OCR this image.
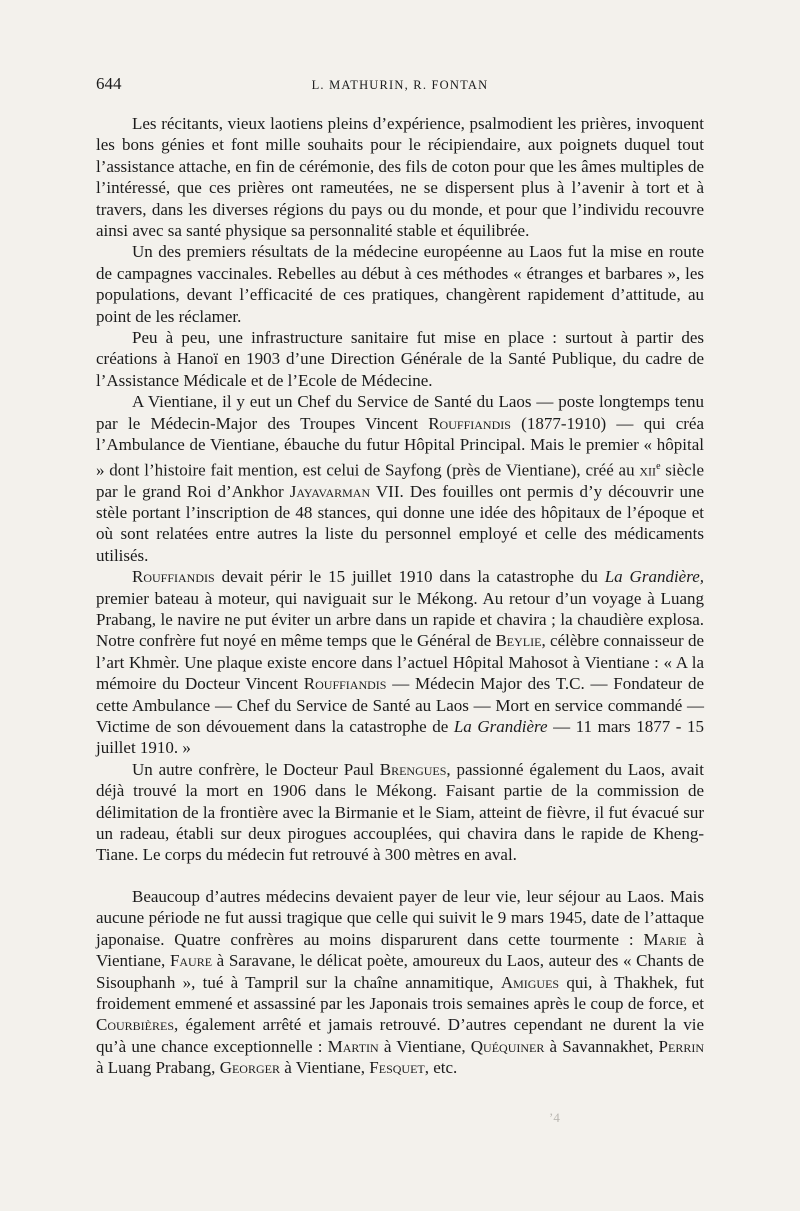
644	L. MATHURIN, R. FONTAN

Les récitants, vieux laotiens pleins d’expérience, psalmodient les prières, invoquent les bons génies et font mille souhaits pour le récipiendaire, aux poignets duquel tout l’assistance attache, en fin de cérémonie, des fils de coton pour que les âmes multiples de l’intéressé, que ces prières ont rameutées, ne se dispersent plus à l’avenir à tort et à travers, dans les diverses régions du pays ou du monde, et pour que l’individu recouvre ainsi avec sa santé physique sa personnalité stable et équilibrée.

Un des premiers résultats de la médecine européenne au Laos fut la mise en route de campagnes vaccinales. Rebelles au début à ces méthodes « étranges et barbares », les populations, devant l’efficacité de ces pratiques, changèrent rapidement d’attitude, au point de les réclamer.

Peu à peu, une infrastructure sanitaire fut mise en place : surtout à partir des créations à Hanoï en 1903 d’une Direction Générale de la Santé Publique, du cadre de l’Assistance Médicale et de l’Ecole de Médecine.

A Vientiane, il y eut un Chef du Service de Santé du Laos — poste longtemps tenu par le Médecin-Major des Troupes Vincent Rouffiandis (1877-1910) — qui créa l’Ambulance de Vientiane, ébauche du futur Hôpital Principal. Mais le premier « hôpital » dont l’histoire fait mention, est celui de Sayfong (près de Vientiane), créé au xii$^e$ siècle par le grand Roi d’Ankhor Jayavarman VII. Des fouilles ont permis d’y découvrir une stèle portant l’inscription de 48 stances, qui donne une idée des hôpitaux de l’époque et où sont relatées entre autres la liste du personnel employé et celle des médicaments utilisés.

Rouffiandis devait périr le 15 juillet 1910 dans la catastrophe du La Grandière, premier bateau à moteur, qui naviguait sur le Mékong. Au retour d’un voyage à Luang Prabang, le navire ne put éviter un arbre dans un rapide et chavira ; la chaudière explosa. Notre confrère fut noyé en même temps que le Général de Beylie, célèbre connaisseur de l’art Khmèr. Une plaque existe encore dans l’actuel Hôpital Mahosot à Vientiane : « A la mémoire du Docteur Vincent Rouffiandis — Médecin Major des T.C. — Fondateur de cette Ambulance — Chef du Service de Santé au Laos — Mort en service commandé — Victime de son dévouement dans la catastrophe de La Grandière — 11 mars 1877 - 15 juillet 1910. »

Un autre confrère, le Docteur Paul Brengues, passionné également du Laos, avait déjà trouvé la mort en 1906 dans le Mékong. Faisant partie de la commission de délimitation de la frontière avec la Birmanie et le Siam, atteint de fièvre, il fut évacué sur un radeau, établi sur deux pirogues accouplées, qui chavira dans le rapide de Kheng-Tiane. Le corps du médecin fut retrouvé à 300 mètres en aval.

Beaucoup d’autres médecins devaient payer de leur vie, leur séjour au Laos. Mais aucune période ne fut aussi tragique que celle qui suivit le 9 mars 1945, date de l’attaque japonaise. Quatre confrères au moins disparurent dans cette tourmente : Marie à Vientiane, Faure à Saravane, le délicat poète, amoureux du Laos, auteur des « Chants de Sisouphanh », tué à Tampril sur la chaîne annamitique, Amigues qui, à Thakhek, fut froidement emmené et assassiné par les Japonais trois semaines après le coup de force, et Courbières, également arrêté et jamais retrouvé. D’autres cependant ne durent la vie qu’à une chance exceptionnelle : Martin à Vientiane, Quéquiner à Savannakhet, Perrin à Luang Prabang, Georger à Vientiane, Fesquet, etc.

’4
